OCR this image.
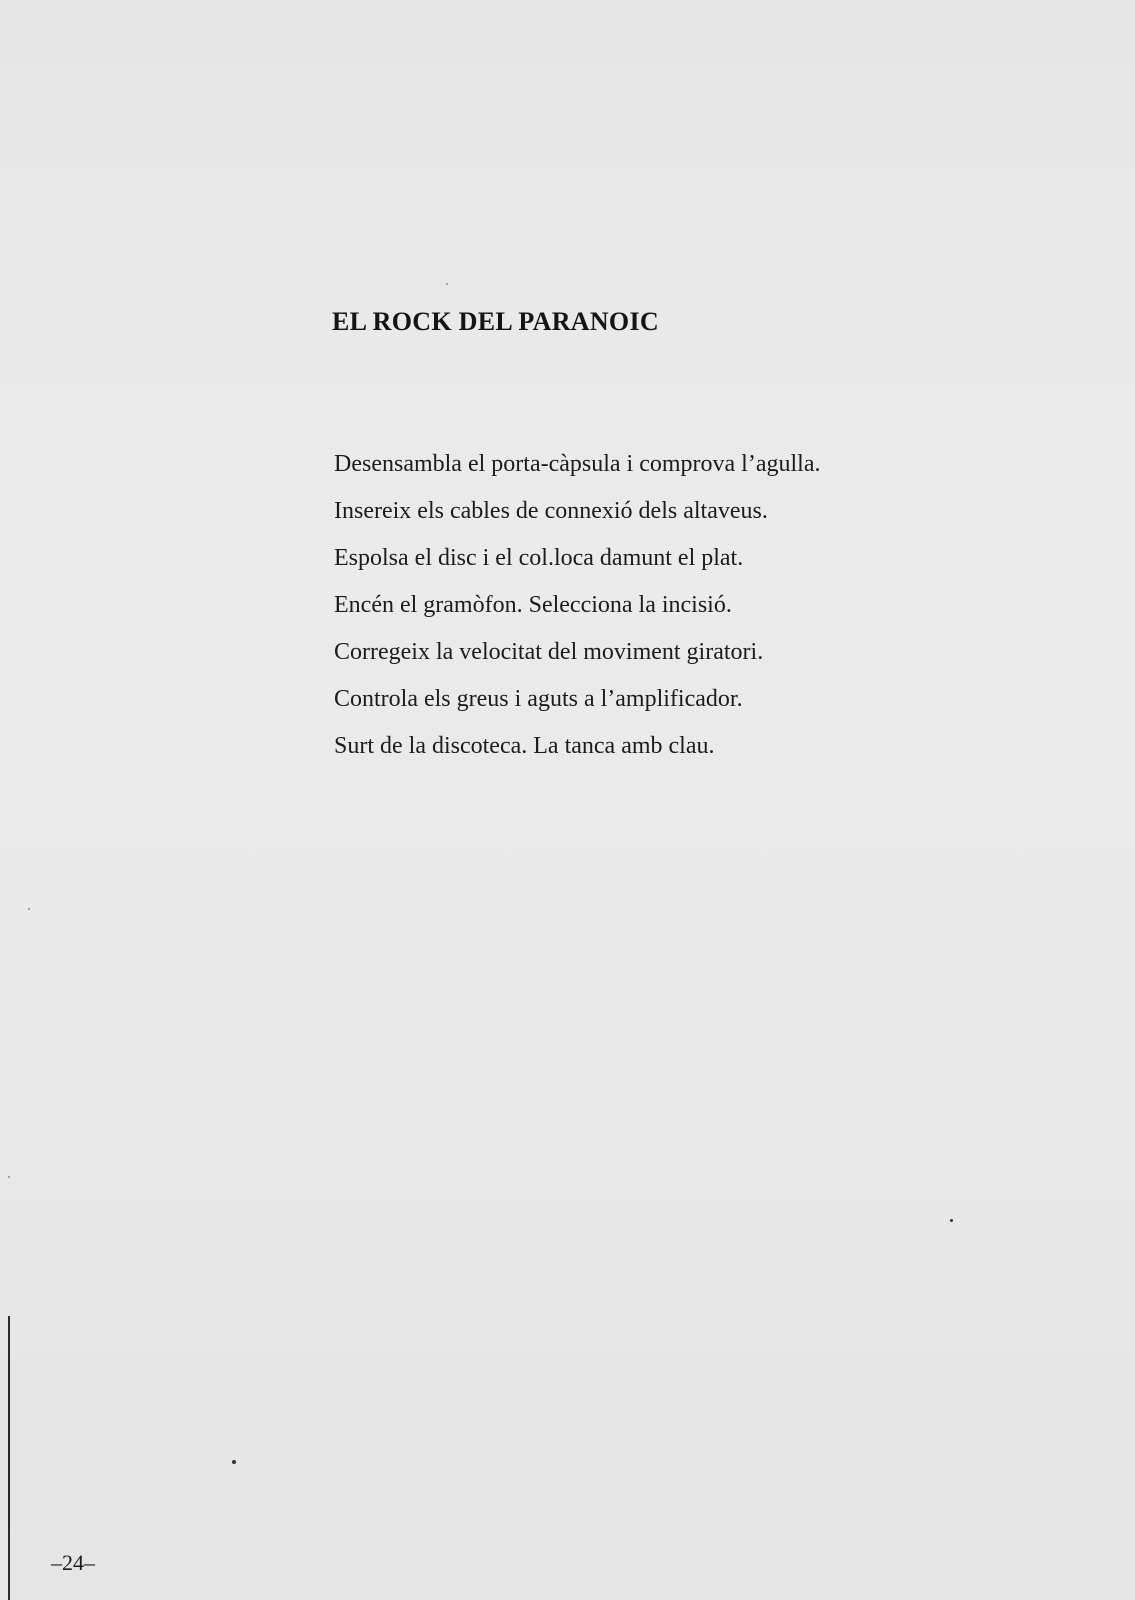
EL ROCK DEL PARANOIC
Desensambla el porta-càpsula i comprova l’agulla.
Insereix els cables de connexió dels altaveus.
Espolsa el disc i el col.loca damunt el plat.
Encén el gramòfon. Selecciona la incisió.
Corregeix la velocitat del moviment giratori.
Controla els greus i aguts a l’amplificador.
Surt de la discoteca. La tanca amb clau.
–24–
